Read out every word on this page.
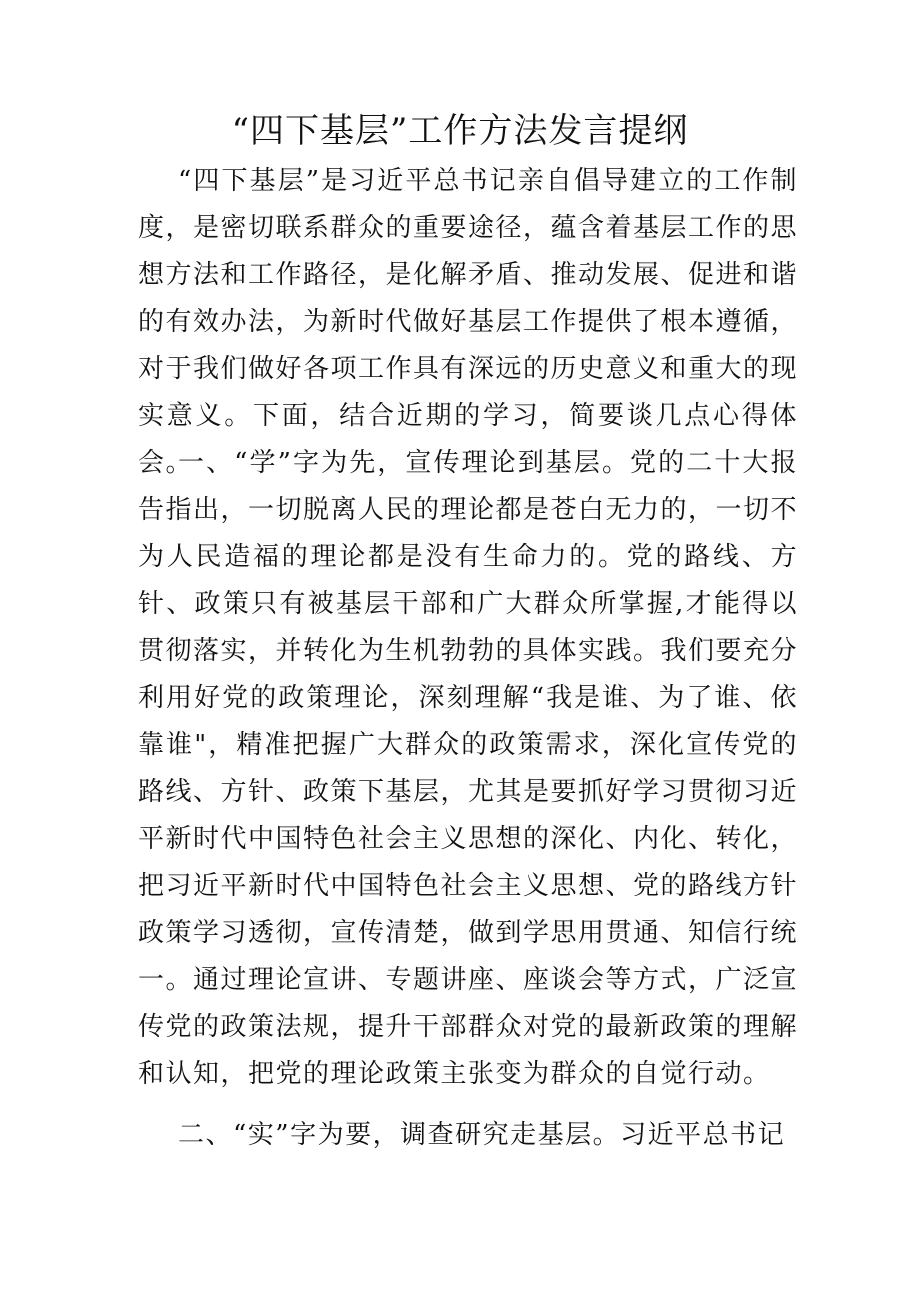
“四下基层”工作方法发言提纲

“四下基层”是习近平总书记亲自倡导建立的工作制度，是密切联系群众的重要途径，蕴含着基层工作的思想方法和工作路径，是化解矛盾、推动发展、促进和谐的有效办法，为新时代做好基层工作提供了根本遵循，对于我们做好各项工作具有深远的历史意义和重大的现实意义。下面，结合近期的学习，简要谈几点心得体会。

一、“学”字为先，宣传理论到基层。党的二十大报告指出，一切脱离人民的理论都是苍白无力的，一切不为人民造福的理论都是没有生命力的。党的路线、方针、政策只有被基层干部和广大群众所掌握,才能得以贯彻落实，并转化为生机勃勃的具体实践。我们要充分利用好党的政策理论，深刻理解“我是谁、为了谁、依靠谁"，精准把握广大群众的政策需求，深化宣传党的路线、方针、政策下基层，尤其是要抓好学习贯彻习近平新时代中国特色社会主义思想的深化、内化、转化，把习近平新时代中国特色社会主义思想、党的路线方针政策学习透彻，宣传清楚，做到学思用贯通、知信行统一。通过理论宣讲、专题讲座、座谈会等方式，广泛宣传党的政策法规，提升干部群众对党的最新政策的理解和认知，把党的理论政策主张变为群众的自觉行动。

二、“实”字为要，调查研究走基层。习近平总书记
